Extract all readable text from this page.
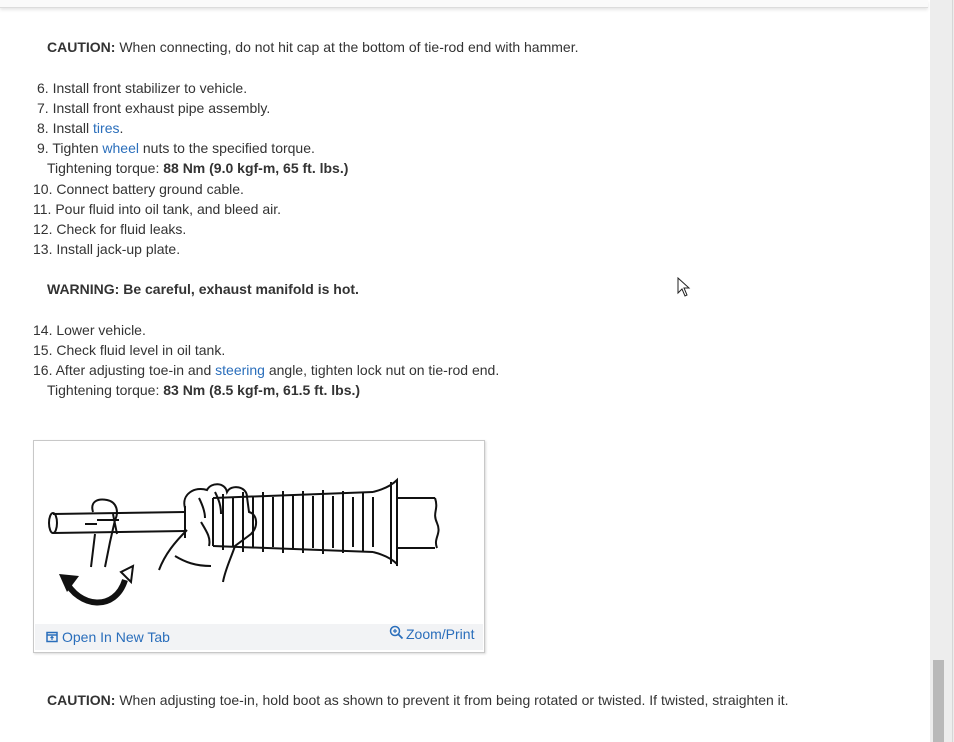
CAUTION: When connecting, do not hit cap at the bottom of tie-rod end with hammer.
6. Install front stabilizer to vehicle.
7. Install front exhaust pipe assembly.
8. Install tires.
9. Tighten wheel nuts to the specified torque.
Tightening torque: 88 Nm (9.0 kgf-m, 65 ft. lbs.)
10. Connect battery ground cable.
11. Pour fluid into oil tank, and bleed air.
12. Check for fluid leaks.
13. Install jack-up plate.
WARNING: Be careful, exhaust manifold is hot.
14. Lower vehicle.
15. Check fluid level in oil tank.
16. After adjusting toe-in and steering angle, tighten lock nut on tie-rod end.
Tightening torque: 83 Nm (8.5 kgf-m, 61.5 ft. lbs.)
Open In New Tab	Zoom/Print
CAUTION: When adjusting toe-in, hold boot as shown to prevent it from being rotated or twisted. If twisted, straighten it.
